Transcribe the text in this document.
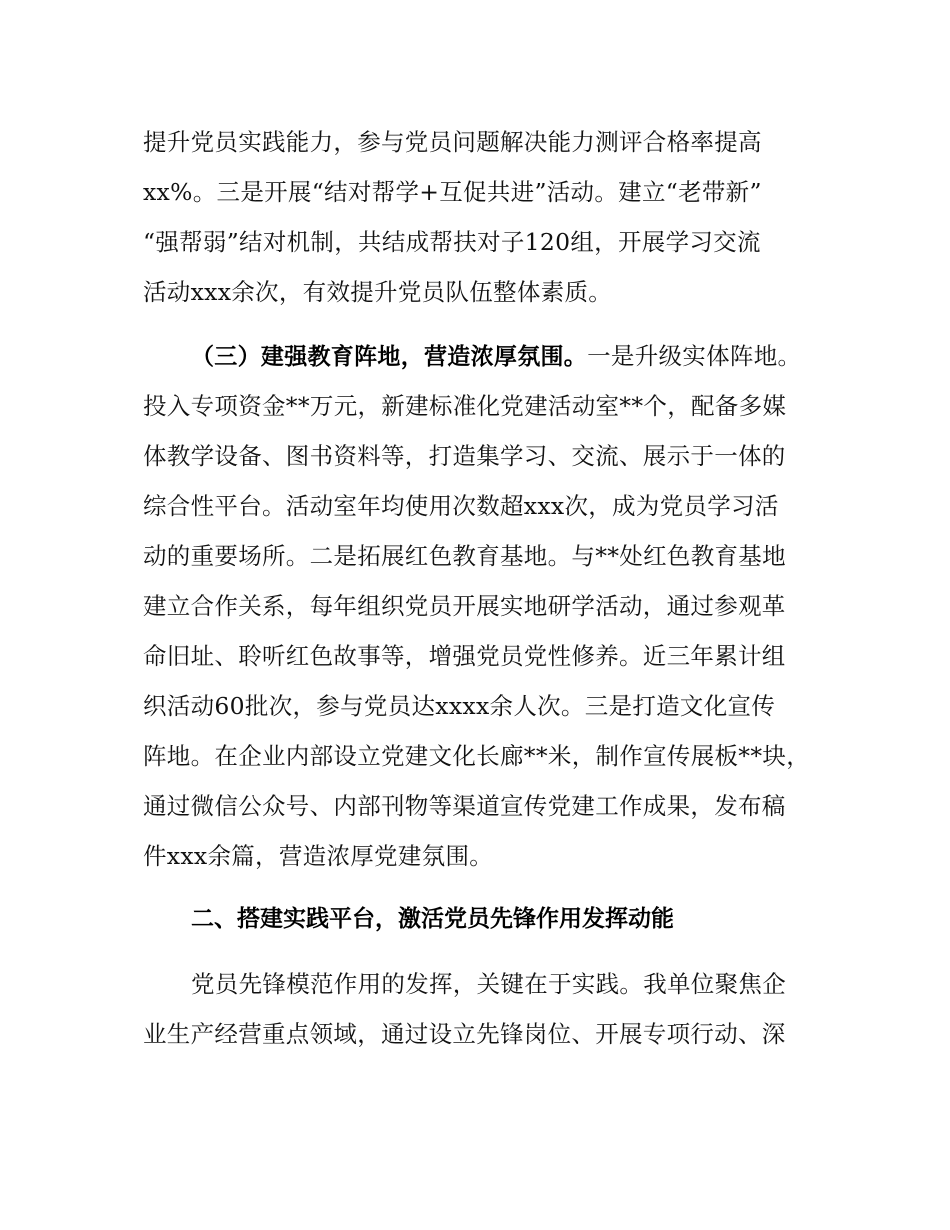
提升党员实践能力，参与党员问题解决能力测评合格率提高

xx%。三是开展“结对帮学+互促共进”活动。建立“老带新”

“强帮弱”结对机制，共结成帮扶对子120组，开展学习交流

活动xxx余次，有效提升党员队伍整体素质。

（三）建强教育阵地，营造浓厚氛围。一是升级实体阵地。

投入专项资金**万元，新建标准化党建活动室**个，配备多媒

体教学设备、图书资料等，打造集学习、交流、展示于一体的

综合性平台。活动室年均使用次数超xxx次，成为党员学习活

动的重要场所。二是拓展红色教育基地。与**处红色教育基地

建立合作关系，每年组织党员开展实地研学活动，通过参观革

命旧址、聆听红色故事等，增强党员党性修养。近三年累计组

织活动60批次，参与党员达xxxx余人次。三是打造文化宣传

阵地。在企业内部设立党建文化长廊**米，制作宣传展板**块，

通过微信公众号、内部刊物等渠道宣传党建工作成果，发布稿

件xxx余篇，营造浓厚党建氛围。

二、搭建实践平台，激活党员先锋作用发挥动能

党员先锋模范作用的发挥，关键在于实践。我单位聚焦企

业生产经营重点领域，通过设立先锋岗位、开展专项行动、深
